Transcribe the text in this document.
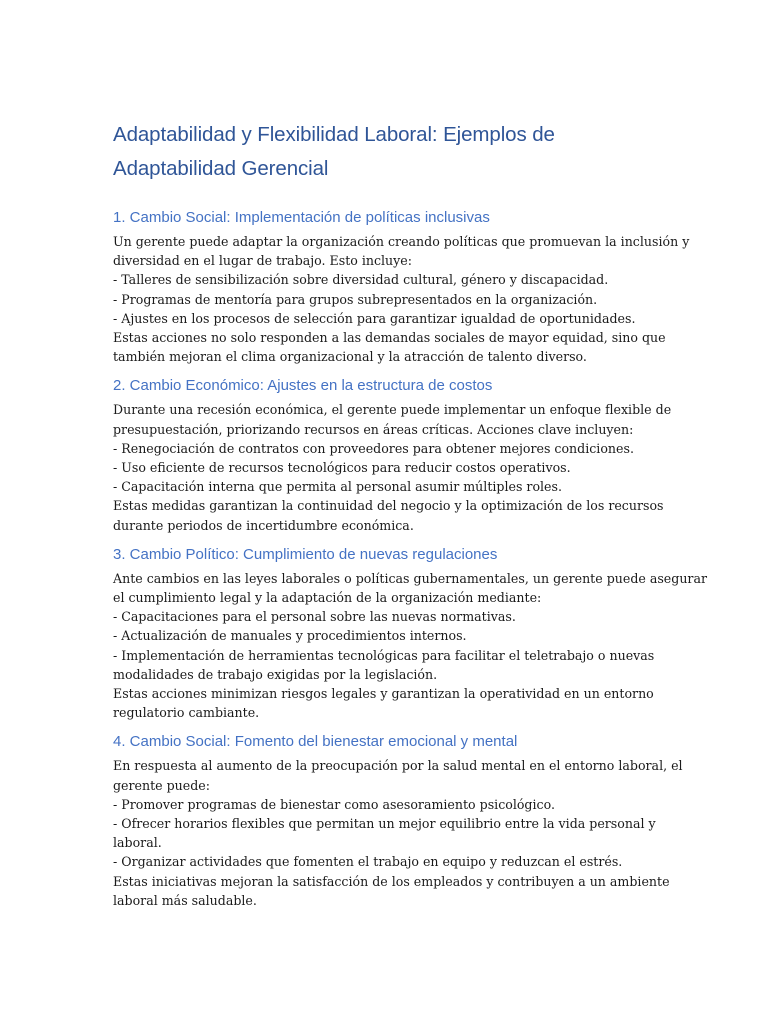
Adaptabilidad y Flexibilidad Laboral: Ejemplos de
Adaptabilidad Gerencial
1. Cambio Social: Implementación de políticas inclusivas

Un gerente puede adaptar la organización creando políticas que promuevan la inclusión y

diversidad en el lugar de trabajo. Esto incluye:

- Talleres de sensibilización sobre diversidad cultural, género y discapacidad.

- Programas de mentoría para grupos subrepresentados en la organización.

- Ajustes en los procesos de selección para garantizar igualdad de oportunidades.

Estas acciones no solo responden a las demandas sociales de mayor equidad, sino que

también mejoran el clima organizacional y la atracción de talento diverso.

2. Cambio Económico: Ajustes en la estructura de costos

Durante una recesión económica, el gerente puede implementar un enfoque flexible de

presupuestación, priorizando recursos en áreas críticas. Acciones clave incluyen:

- Renegociación de contratos con proveedores para obtener mejores condiciones.

- Uso eficiente de recursos tecnológicos para reducir costos operativos.

- Capacitación interna que permita al personal asumir múltiples roles.

Estas medidas garantizan la continuidad del negocio y la optimización de los recursos

durante periodos de incertidumbre económica.

3. Cambio Político: Cumplimiento de nuevas regulaciones

Ante cambios en las leyes laborales o políticas gubernamentales, un gerente puede asegurar

el cumplimiento legal y la adaptación de la organización mediante:

- Capacitaciones para el personal sobre las nuevas normativas.

- Actualización de manuales y procedimientos internos.

- Implementación de herramientas tecnológicas para facilitar el teletrabajo o nuevas

modalidades de trabajo exigidas por la legislación.

Estas acciones minimizan riesgos legales y garantizan la operatividad en un entorno

regulatorio cambiante.

4. Cambio Social: Fomento del bienestar emocional y mental

En respuesta al aumento de la preocupación por la salud mental en el entorno laboral, el

gerente puede:

- Promover programas de bienestar como asesoramiento psicológico.

- Ofrecer horarios flexibles que permitan un mejor equilibrio entre la vida personal y

laboral.

- Organizar actividades que fomenten el trabajo en equipo y reduzcan el estrés.

Estas iniciativas mejoran la satisfacción de los empleados y contribuyen a un ambiente

laboral más saludable.
